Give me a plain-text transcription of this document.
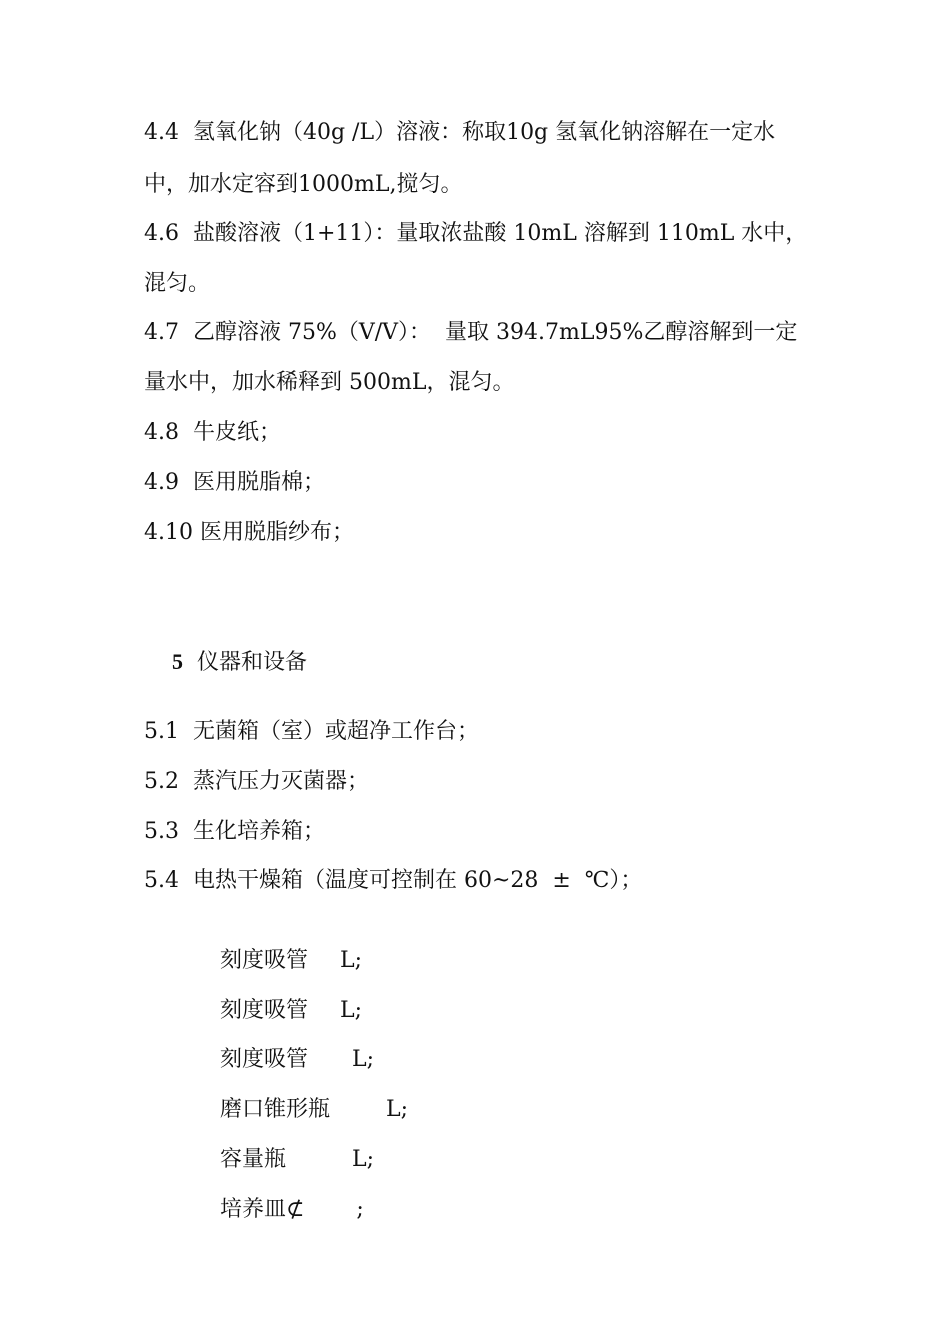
4.4  氢氧化钠（40g /L）溶液：称取10g 氢氧化钠溶解在一定水
中，加水定容到1000mL,搅匀。
4.6  盐酸溶液（1+11）：量取浓盐酸 10mL 溶解到 110mL 水中，
混匀。
4.7  乙醇溶液 75%（V/V）：  量取 394.7mL95%乙醇溶解到一定
量水中，加水稀释到 500mL，混匀。
4.8  牛皮纸；
4.9  医用脱脂棉；
4.10 医用脱脂纱布；

5 仪器和设备

5.1  无菌箱（室）或超净工作台；
5.2  蒸汽压力灭菌器；
5.3  生化培养箱；
5.4  电热干燥箱（温度可控制在 60~28  ±  ℃）；

刻度吸管 L;

刻度吸管 L;

刻度吸管 L;

磨口锥形瓶	L;

容量瓶	L;

培养皿⊄ ;
